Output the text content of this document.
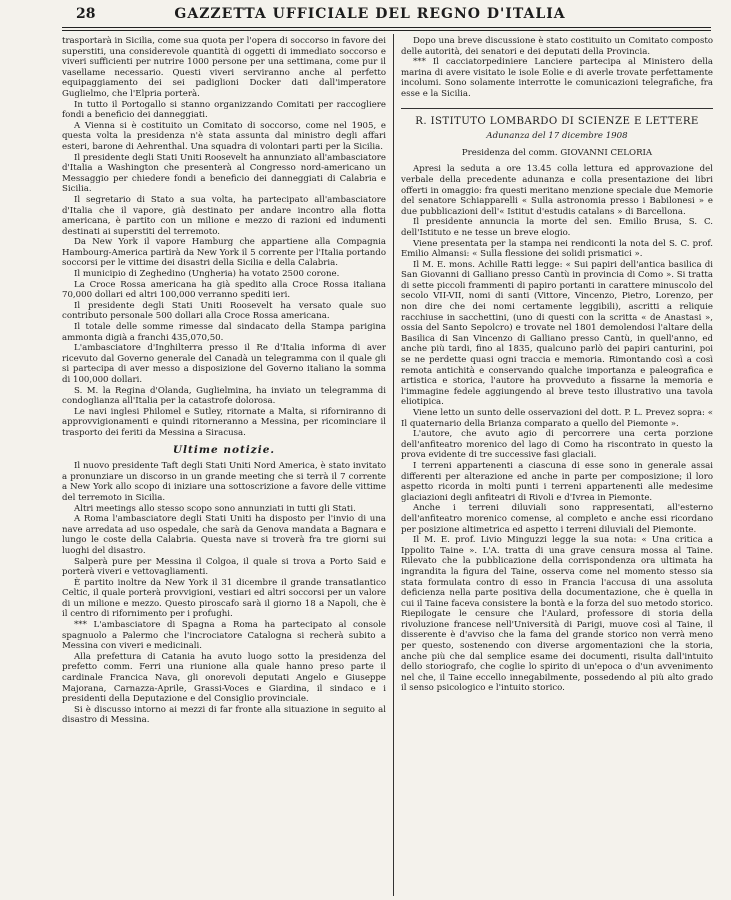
28	GAZZETTA UFFICIALE DEL REGNO D'ITALIA

trasportarà in Sicilia, come sua quota per l'opera di soccorso in favore dei superstiti, una considerevole quantità di oggetti di immediato soccorso e viveri sufficienti per nutrire 1000 persone per una settimana, come pur il vasellame necessario. Questi viveri serviranno anche al perfetto equipaggiamento dei sei padiglioni Docker dati dall'imperatore Guglielmo, che l'Elpria porterà.

In tutto il Portogallo si stanno organizzando Comitati per raccogliere fondi a beneficio dei danneggiati.

A Vienna si è costituito un Comitato di soccorso, come nel 1905, e questa volta la presidenza n'è stata assunta dal ministro degli affari esteri, barone di Aehrenthal. Una squadra di volontari parti per la Sicilia.

Il presidente degli Stati Uniti Roosevelt ha annunziato all'ambasciatore d'Italia a Washington che presenterà al Congresso nord-americano un Messaggio per chiedere fondi a beneficio dei danneggiati di Calabria e Sicilia.

Il segretario di Stato a sua volta, ha partecipato all'ambasciatore d'Italia che il vapore, già destinato per andare incontro alla flotta americana, è partito con un milione e mezzo di razioni ed indumenti destinati ai superstiti del terremoto.

Da New York il vapore Hamburg che appartiene alla Compagnia Hambourg-America partirà da New York il 5 corrente per l'Italia portando soccorsi per le vittime dei disastri della Sicilia e della Calabria.

Il municipio di Zeghedino (Ungheria) ha votato 2500 corone.

La Croce Rossa americana ha già spedito alla Croce Rossa italiana 70,000 dollari ed altri 100,000 verranno spediti ieri.

Il presidente degli Stati Uniti Roosevelt ha versato quale suo contributo personale 500 dollari alla Croce Rossa americana.

Il totale delle somme rimesse dal sindacato della Stampa parigina ammonta digià a franchi 435,070,50.

L'ambasciatore d'Inghilterra presso il Re d'Italia informa di aver ricevuto dal Governo generale del Canadà un telegramma con il quale gli si partecipa di aver messo a disposizione del Governo italiano la somma di 100,000 dollari.

S. M. la Regina d'Olanda, Guglielmina, ha inviato un telegramma di condoglianza all'Italia per la catastrofe dolorosa.

Le navi inglesi Philomel e Sutley, ritornate a Malta, si riforniranno di approvvigionamenti e quindi ritorneranno a Messina, per ricominciare il trasporto dei feriti da Messina a Siracusa.

Ultime notizie.

Il nuovo presidente Taft degli Stati Uniti Nord America, è stato invitato a pronunziare un discorso in un grande meeting che si terrà il 7 corrente a New York allo scopo di iniziare una sottoscrizione a favore delle vittime del terremoto in Sicilia.

Altri meetings allo stesso scopo sono annunziati in tutti gli Stati.

A Roma l'ambasciatore degli Stati Uniti ha disposto per l'invio di una nave arredata ad uso ospedale, che sarà da Genova mandata a Bagnara e lungo le coste della Calabria. Questa nave si troverà fra tre giorni sui luoghi del disastro.

Salperà pure per Messina il Colgoa, il quale si trova a Porto Said e porterà viveri e vettovagliamenti.

È partito inoltre da New York il 31 dicembre il grande transatlantico Celtic, il quale porterà provvigioni, vestiari ed altri soccorsi per un valore di un milione e mezzo. Questo piroscafo sarà il giorno 18 a Napoli, che è il centro di rifornimento per i profughi.

*** L'ambasciatore di Spagna a Roma ha partecipato al console spagnuolo a Palermo che l'incrociatore Catalogna si recherà subito a Messina con viveri e medicinali.

Alla prefettura di Catania ha avuto luogo sotto la presidenza del prefetto comm. Ferri una riunione alla quale hanno preso parte il cardinale Francica Nava, gli onorevoli deputati Angelo e Giuseppe Majorana, Carnazza-Aprile, Grassi-Voces e Giardina, il sindaco e i presidenti della Deputazione e del Consiglio provinciale.

Si è discusso intorno ai mezzi di far fronte alla situazione in seguito al disastro di Messina.

Dopo una breve discussione è stato costituito un Comitato composto delle autorità, dei senatori e dei deputati della Provincia.

*** Il cacciatorpediniere Lanciere partecipa al Ministero della marina di avere visitato le isole Eolie e di averle trovate perfettamente incolumi. Sono solamente interrotte le comunicazioni telegrafiche, fra esse e la Sicilia.

R. ISTITUTO LOMBARDO DI SCIENZE E LETTERE
Adunanza del 17 dicembre 1908
Presidenza del comm. GIOVANNI CELORIA

Apresi la seduta a ore 13.45 colla lettura ed approvazione del verbale della precedente adunanza e colla presentazione dei libri offerti in omaggio: fra questi meritano menzione speciale due Memorie del senatore Schiapparelli « Sulla astronomia presso i Babilonesi » e due pubblicazioni dell'« Istitut d'estudis catalans » di Barcellona.

Il presidente annuncia la morte del sen. Emilio Brusa, S. C. dell'Istituto e ne tesse un breve elogio.

Viene presentata per la stampa nei rendiconti la nota del S. C. prof. Emilio Almansi: « Sulla flessione dei solidi prismatici ».

Il M. E. mons. Achille Ratti legge: « Sui papiri dell'antica basilica di San Giovanni di Galliano presso Cantù in provincia di Como ». Si tratta di sette piccoli frammenti di papiro portanti in carattere minuscolo del secolo VII-VII, nomi di santi (Vittore, Vincenzo, Pietro, Lorenzo, per non dire che dei nomi certamente leggibili), ascritti a reliquie racchiuse in sacchettini, (uno di questi con la scritta « de Anastasi », ossia del Santo Sepolcro) e trovate nel 1801 demolendosi l'altare della Basilica di San Vincenzo di Galliano presso Cantù, in quell'anno, ed anche più tardi, fino al 1835, qualcuno parlò dei papiri canturini, poi se ne perdette quasi ogni traccia e memoria. Rimontando così a così remota antichità e conservando qualche importanza e paleografica e artistica e storica, l'autore ha provveduto a fissarne la memoria e l'immagine fedele aggiungendo al breve testo illustrativo una tavola eliotipica.

Viene letto un sunto delle osservazioni del dott. P. L. Prevez sopra: « Il quaternario della Brianza comparato a quello del Piemonte ».

L'autore, che avuto agio di percorrere una certa porzione dell'anfiteatro morenico del lago di Como ha riscontrato in questo la prova evidente di tre successive fasi glaciali.

I terreni appartenenti a ciascuna di esse sono in generale assai differenti per alterazione ed anche in parte per composizione; il loro aspetto ricorda in molti punti i terreni appartenenti alle medesime glaciazioni degli anfiteatri di Rivoli e d'Ivrea in Piemonte.

Anche i terreni diluviali sono rappresentati, all'esterno dell'anfiteatro morenico comense, al completo e anche essi ricordano per posizione altimetrica ed aspetto i terreni diluviali del Piemonte.

Il M. E. prof. Livio Minguzzi legge la sua nota: « Una critica a Ippolito Taine ». L'A. tratta di una grave censura mossa al Taine. Rilevato che la pubblicazione della corrispondenza ora ultimata ha ingrandita la figura del Taine, osserva come nel momento stesso sia stata formulata contro di esso in Francia l'accusa di una assoluta deficienza nella parte positiva della documentazione, che è quella in cui il Taine faceva consistere la bontà e la forza del suo metodo storico. Riepilogate le censure che l'Aulard, professore di storia della rivoluzione francese nell'Università di Parigi, muove così al Taine, il disserente è d'avviso che la fama del grande storico non verrà meno per questo, sostenendo con diverse argomentazioni che la storia, anche più che dal semplice esame dei documenti, risulta dall'intuito dello storiografo, che coglie lo spirito di un'epoca o d'un avvenimento nel che, il Taine eccello innegabilmente, possedendo al più alto grado il senso psicologico e l'intuito storico.
